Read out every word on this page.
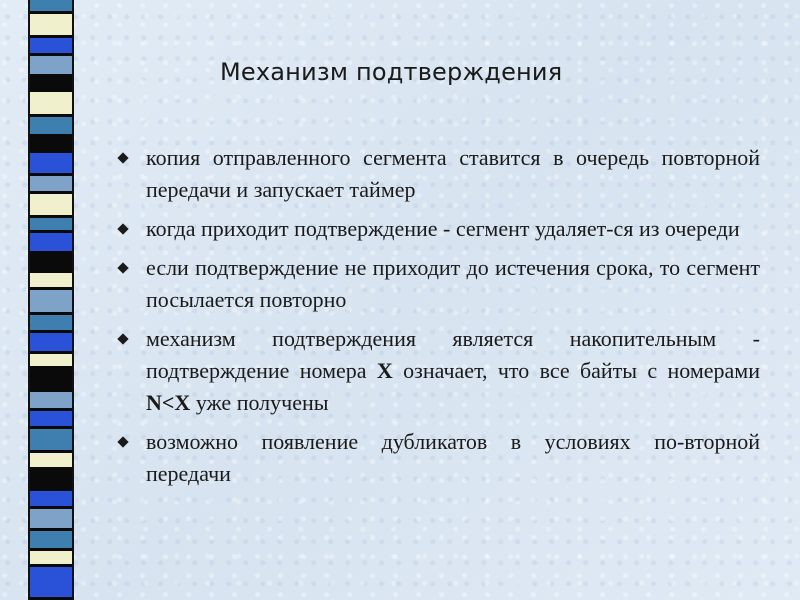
Механизм подтверждения
копия отправленного сегмента ставится в очередь повторной передачи и запускает таймер
когда приходит подтверждение - сегмент удаляет-ся из очереди
если подтверждение не приходит до истечения срока, то сегмент посылается повторно
механизм подтверждения является накопительным - подтверждение номера X означает, что все байты с номерами N<X уже получены
возможно появление дубликатов в условиях по-вторной передачи
